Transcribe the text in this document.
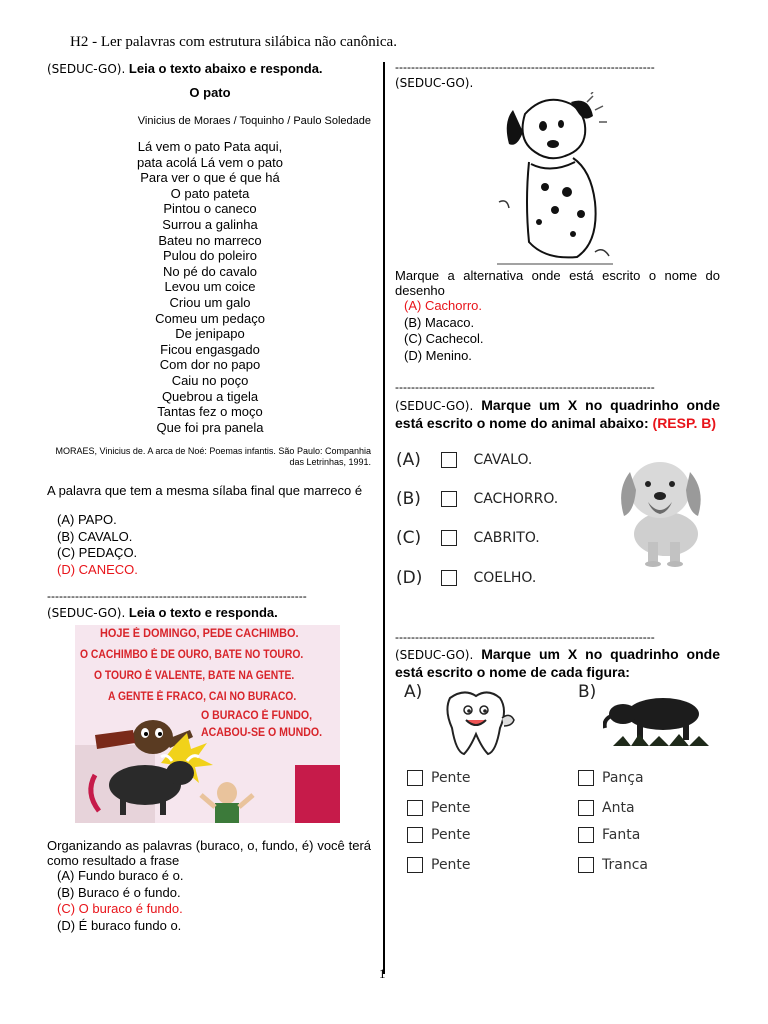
H2 - Ler palavras com estrutura silábica não canônica.
(SEDUC-GO). Leia o texto abaixo e responda.
O pato
Vinicius de Moraes / Toquinho / Paulo Soledade
Lá vem o pato Pata aqui,
pata acolá Lá vem o pato
Para ver o que é que há
O pato pateta
Pintou o caneco
Surrou a galinha
Bateu no marreco
Pulou do poleiro
No pé do cavalo
Levou um coice
Criou um galo
Comeu um pedaço
De jenipapo
Ficou engasgado
Com dor no papo
Caiu no poço
Quebrou a tigela
Tantas fez o moço
Que foi pra panela
MORAES, Vinicius de. A arca de Noé: Poemas infantis. São Paulo: Companhia
das Letrinhas, 1991.
A palavra que tem a mesma sílaba final que marreco é
(A) PAPO.
(B) CAVALO.
(C) PEDAÇO.
(D) CANECO.
-----------------------------------------------------------------
(SEDUC-GO). Leia o texto e responda.
HOJE É DOMINGO, PEDE CACHIMBO.
O CACHIMBO É DE OURO, BATE NO TOURO.
O TOURO É VALENTE, BATE NA GENTE.
A GENTE É FRACO, CAI NO BURACO.
O BURACO É FUNDO,
ACABOU-SE O MUNDO.
Organizando as palavras (buraco, o, fundo, é) você terá como resultado a frase
(A) Fundo buraco é o.
(B) Buraco é o fundo.
(C) O buraco é fundo.
(D) É buraco fundo o.
-----------------------------------------------------------------
(SEDUC-GO).
Marque a alternativa onde está escrito o nome do desenho
(A) Cachorro.
(B) Macaco.
(C) Cachecol.
(D) Menino.
-----------------------------------------------------------------
(SEDUC-GO). Marque um X no quadrinho onde está escrito o nome do animal abaixo: (RESP. B)
(A)
(B)
(C)
(D)
CAVALO.
CACHORRO.
CABRITO.
COELHO.
-----------------------------------------------------------------
(SEDUC-GO). Marque um X no quadrinho onde está escrito o nome de cada figura:
A)	B)
Pente
Pente
Pente
Pente
Pança
Anta
Fanta
Tranca
1
